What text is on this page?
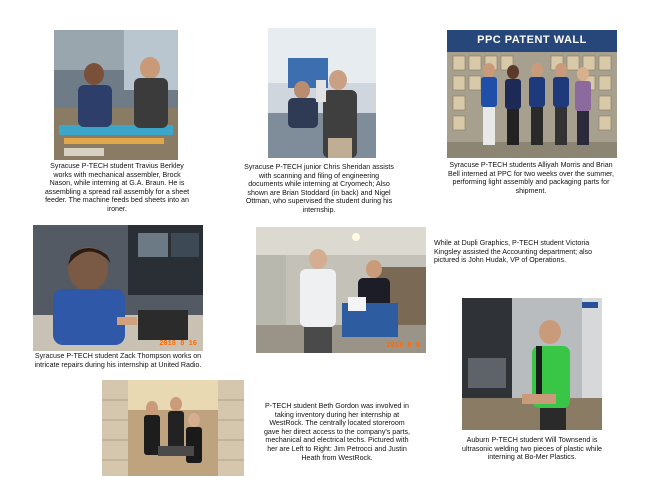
Syracuse P-TECH student Travius Berkley works with mechanical assembler, Brock Nason, while interning at G.A. Braun. He is assembling a spread rail assembly for a sheet feeder. The machine feeds bed sheets into an ironer.

Syracuse P-TECH junior Chris Sheridan assists with scanning and filing of engineering documents while interning at Cryomech; Also shown are Brian Stoddard (in back) and Nigel Ottman, who supervised the student during his internship.

PPC PATENT WALL

Syracuse P-TECH students Alliyah Morris and Brian Bell interned at PPC for two weeks over the summer, performing light assembly and packaging parts for shipment.

2018 8 16

Syracuse P-TECH student Zack Thompson works on intricate repairs during his internship at United Radio.

2018 8 8

While at Dupli Graphics, P-TECH student Victoria Kingsley assisted the Accounting department; also pictured is John Hudak, VP of Operations.

Auburn P-TECH student Will Townsend is ultrasonic welding two pieces of plastic while interning at Bo-Mer Plastics.

P-TECH student Beth Gordon was involved in taking inventory during her internship at WestRock. The centrally located storeroom gave her direct access to the company's parts, mechanical and electrical techs. Pictured with her are Left to Right: Jim Petrocci and Justin Heath from WestRock.
